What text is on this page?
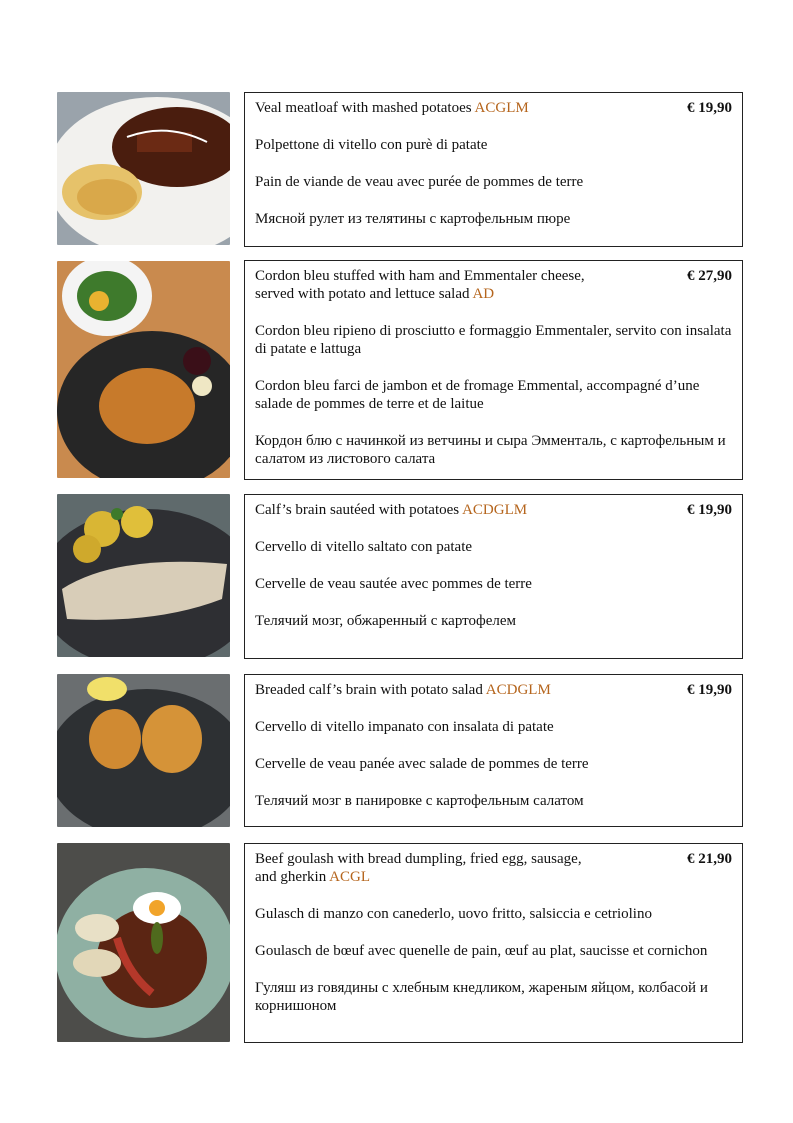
Veal meatloaf with mashed potatoes ACGLM	€ 19,90
Polpettone di vitello con purè di patate
Pain de viande de veau avec purée de pommes de terre
Мясной рулет из телятины с картофельным пюре
Cordon bleu stuffed with ham and Emmentaler cheese,
served with potato and lettuce salad AD
€ 27,90
Cordon bleu ripieno di prosciutto e formaggio Emmentaler, servito con insalata di patate e lattuga
Cordon bleu farci de jambon et de fromage Emmental, accompagné d’une salade de pommes de terre et de laitue
Кордон блю с начинкой из ветчины и сыра Эмменталь, с картофельным и салатом из листового салата
Calf’s brain sautéed with potatoes ACDGLM	€ 19,90
Cervello di vitello saltato con patate
Cervelle de veau sautée avec pommes de terre
Телячий мозг, обжаренный с картофелем
Breaded calf’s brain with potato salad ACDGLM	€ 19,90
Cervello di vitello impanato con insalata di patate
Cervelle de veau panée avec salade de pommes de terre
Телячий мозг в панировке с картофельным салатом
Beef goulash with bread dumpling, fried egg, sausage,
and gherkin ACGL
€ 21,90
Gulasch di manzo con canederlo, uovo fritto, salsiccia e cetriolino
Goulasch de bœuf avec quenelle de pain, œuf au plat, saucisse et cornichon
Гуляш из говядины с хлебным кнедликом, жареным яйцом, колбасой и корнишоном
